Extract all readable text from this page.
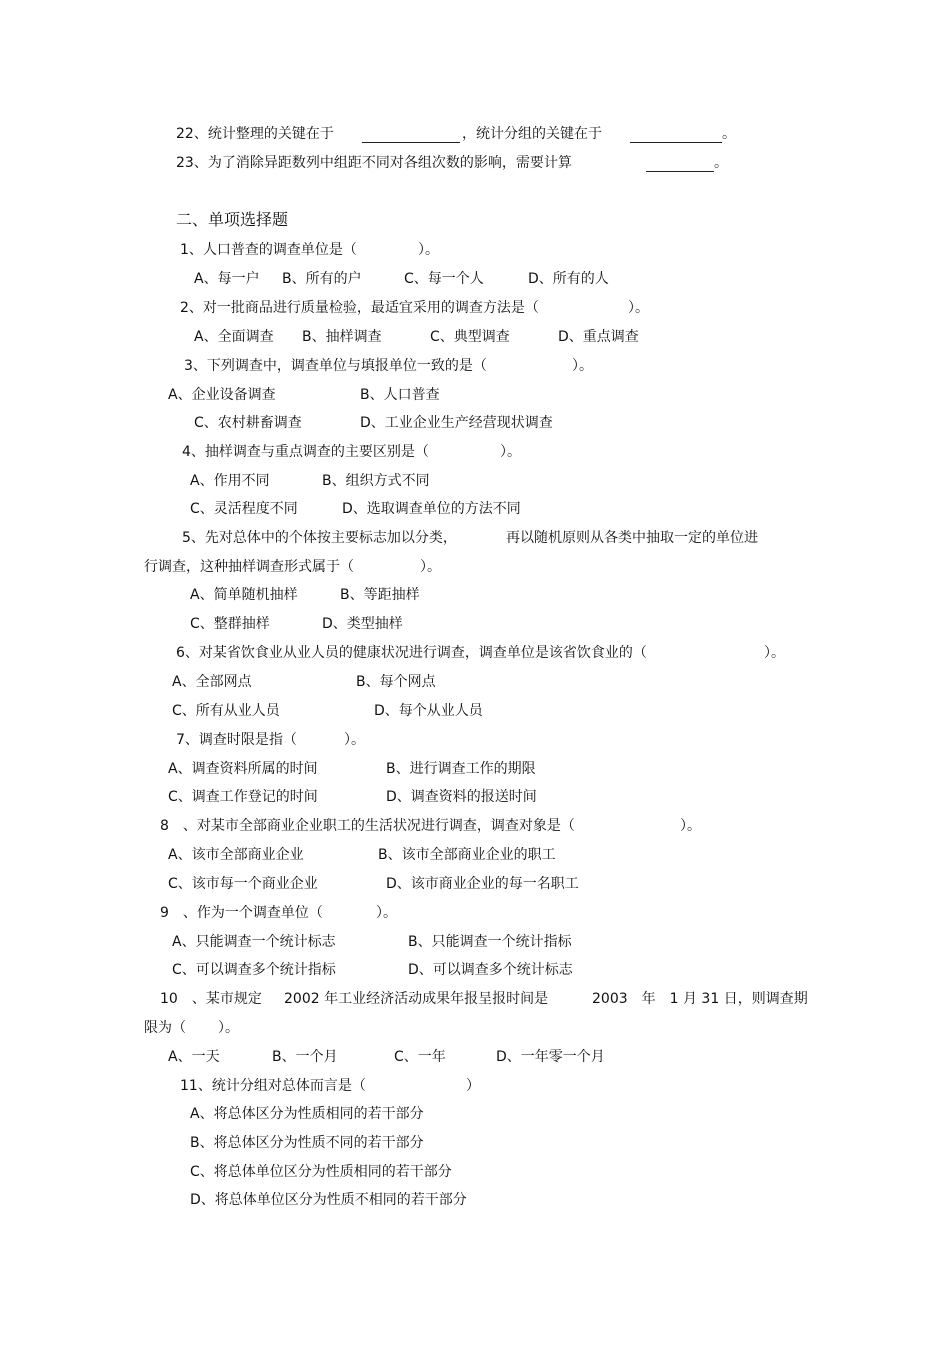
22、统计整理的关键在于	，统计分组的关键在于	。
23、为了消除异距数列中组距不同对各组次数的影响，需要计算	。
二、单项选择题
1、人口普查的调查单位是（	）。
A、每一户 B、所有的户	C、每一个人	D、所有的人
2、对一批商品进行质量检验，最适宜采用的调查方法是（	）。
A、全面调查 B、抽样调查	C、典型调查	D、重点调查
3、下列调查中，调查单位与填报单位一致的是（	）。
A、企业设备调查	B、人口普查
C、农村耕畜调查	D、工业企业生产经营现状调查
4、抽样调查与重点调查的主要区别是（	）。
A、作用不同	B、组织方式不同
C、灵活程度不同	D、选取调查单位的方法不同
5、先对总体中的个体按主要标志加以分类，	再以随机原则从各类中抽取一定的单位进
行调查，这种抽样调查形式属于（	）。
A、简单随机抽样	B、等距抽样
C、整群抽样	D、类型抽样
6、对某省饮食业从业人员的健康状况进行调查，调查单位是该省饮食业的（	）。
A、全部网点	B、每个网点
C、所有从业人员	D、每个从业人员
7、调查时限是指（	）。
A、调查资料所属的时间	B、进行调查工作的期限
C、调查工作登记的时间	D、调查资料的报送时间
8　、对某市全部商业企业职工的生活状况进行调查，调查对象是（	）。
A、该市全部商业企业	B、该市全部商业企业的职工
C、该市每一个商业企业	D、该市商业企业的每一名职工
9　、作为一个调查单位（	）。
A、只能调查一个统计标志	B、只能调查一个统计指标
C、可以调查多个统计指标	D、可以调查多个统计标志
10　、某市规定 2002 年工业经济活动成果年报呈报时间是	2003　年　1 月 31 日，则调查期
限为（ ）。
A、一天	B、一个月	C、一年	D、一年零一个月
11、统计分组对总体而言是（	）
A、将总体区分为性质相同的若干部分
B、将总体区分为性质不同的若干部分
C、将总体单位区分为性质相同的若干部分
D、将总体单位区分为性质不相同的若干部分
